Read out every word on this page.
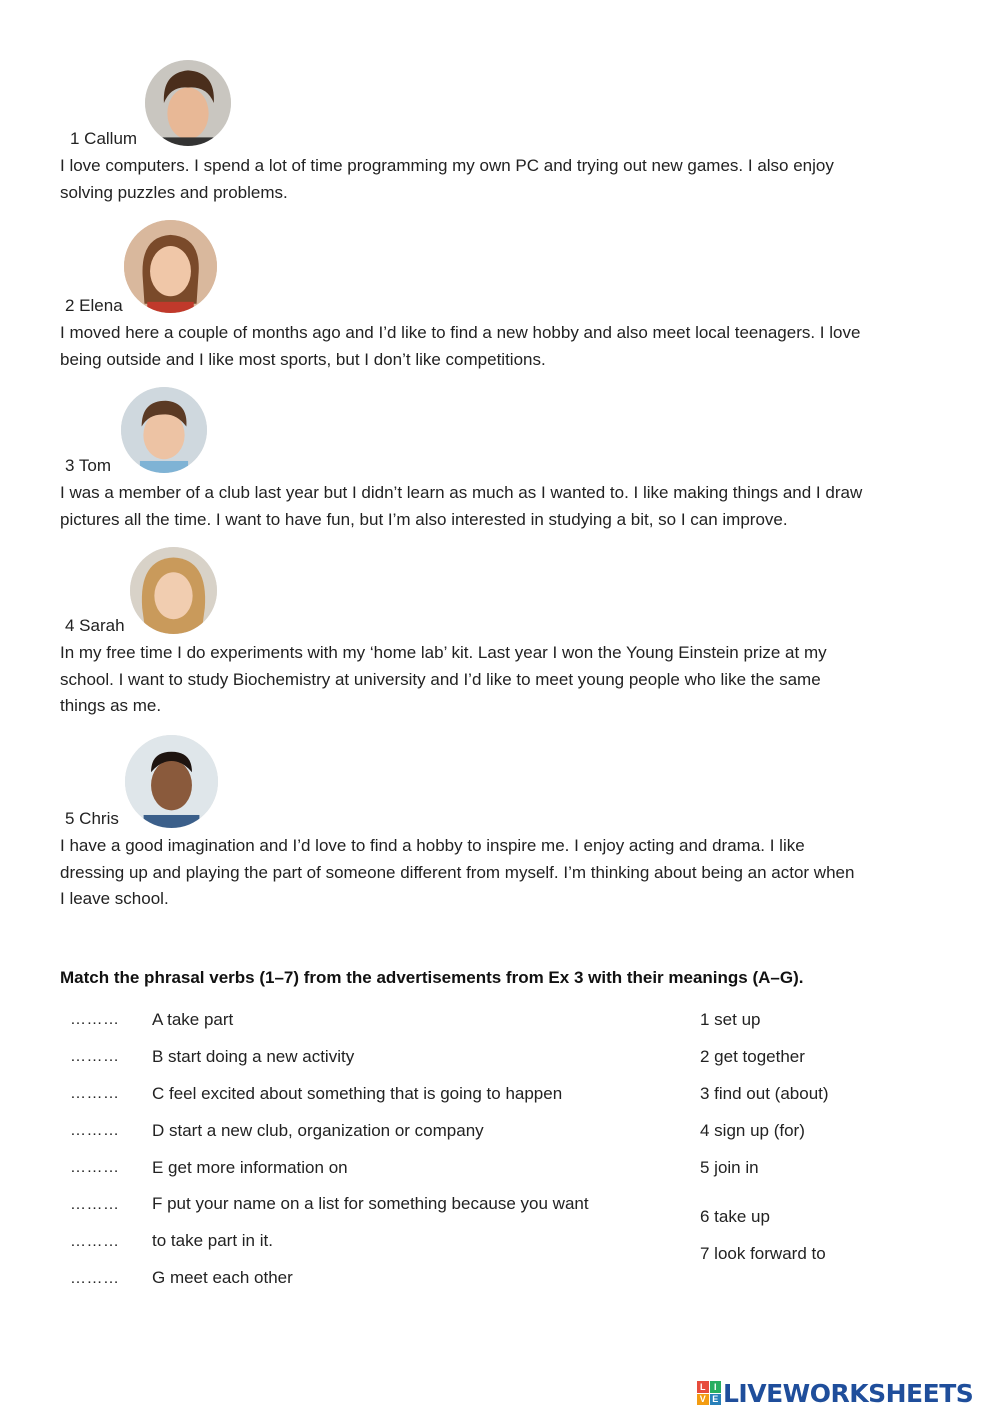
1 Callum
I love computers. I spend a lot of time programming my own PC and trying out new games. I also enjoy
solving puzzles and problems.
2 Elena
I moved here a couple of months ago and I’d like to find a new hobby and also meet local teenagers. I love
being outside and I like most sports, but I don’t like competitions.
3 Tom
I was a member of a club last year but I didn’t learn as much as I wanted to. I like making things and I draw
pictures all the time. I want to have fun, but I’m also interested in studying a bit, so I can improve.
4 Sarah
In my free time I do experiments with my ‘home lab’ kit. Last year I won the Young Einstein prize at my
school. I want to study Biochemistry at university and I’d like to meet young people who like the same
things as me.
5 Chris
I have a good imagination and I’d love to find a hobby to inspire me. I enjoy acting and drama. I like
dressing up and playing the part of someone different from myself. I’m thinking about being an actor when
I leave school.
Match the phrasal verbs (1–7) from the advertisements from Ex 3 with their meanings (A–G).
………
………
………
………
………
………
………
………
A take part
B start doing a new activity
C feel excited about something that is going to happen
D start a new club, organization or company
E get more information on
F put your name on a list for something because you want
to take part in it.
G meet each other
1 set up
2 get together
3 find out (about)
4 sign up (for)
5 join in
6 take up
7 look forward to
L I
V E LIVEWORKSHEETS
